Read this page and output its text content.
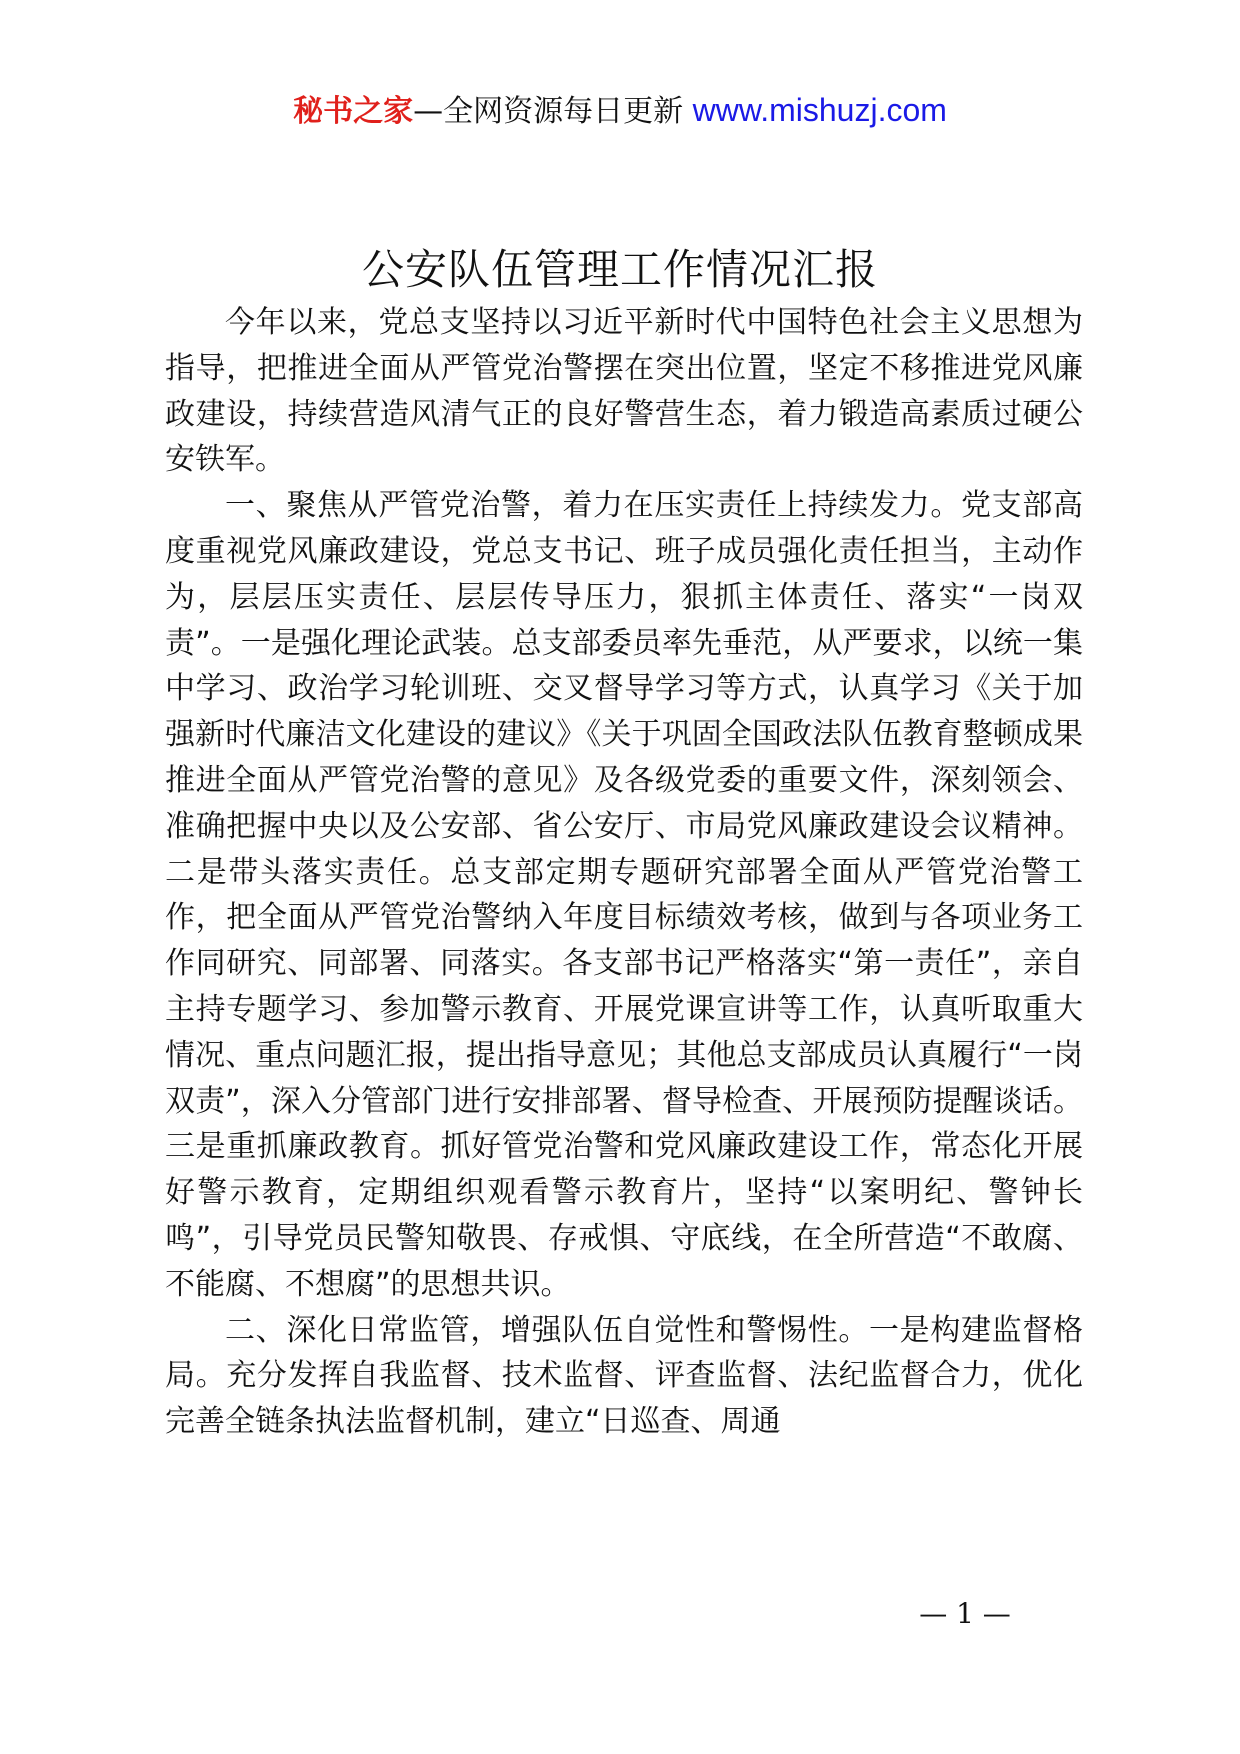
秘书之家—全网资源每日更新 www.mishuzj.com
公安队伍管理工作情况汇报

今年以来，党总支坚持以习近平新时代中国特色社会主义思想为指导，把推进全面从严管党治警摆在突出位置，坚定不移推进党风廉政建设，持续营造风清气正的良好警营生态，着力锻造高素质过硬公安铁军。

一、聚焦从严管党治警，着力在压实责任上持续发力。党支部高度重视党风廉政建设，党总支书记、班子成员强化责任担当，主动作为，层层压实责任、层层传导压力，狠抓主体责任、落实“一岗双责”。一是强化理论武装。总支部委员率先垂范，从严要求，以统一集中学习、政治学习轮训班、交叉督导学习等方式，认真学习《关于加强新时代廉洁文化建设的建议》《关于巩固全国政法队伍教育整顿成果推进全面从严管党治警的意见》及各级党委的重要文件，深刻领会、准确把握中央以及公安部、省公安厅、市局党风廉政建设会议精神。二是带头落实责任。总支部定期专题研究部署全面从严管党治警工作，把全面从严管党治警纳入年度目标绩效考核，做到与各项业务工作同研究、同部署、同落实。各支部书记严格落实“第一责任”，亲自主持专题学习、参加警示教育、开展党课宣讲等工作，认真听取重大情况、重点问题汇报，提出指导意见；其他总支部成员认真履行“一岗双责”，深入分管部门进行安排部署、督导检查、开展预防提醒谈话。三是重抓廉政教育。抓好管党治警和党风廉政建设工作，常态化开展好警示教育，定期组织观看警示教育片，坚持“以案明纪、警钟长鸣”，引导党员民警知敬畏、存戒惧、守底线，在全所营造“不敢腐、不能腐、不想腐”的思想共识。

二、深化日常监管，增强队伍自觉性和警惕性。一是构建监督格局。充分发挥自我监督、技术监督、评查监督、法纪监督合力，优化完善全链条执法监督机制，建立“日巡查、周通

— 1 —
